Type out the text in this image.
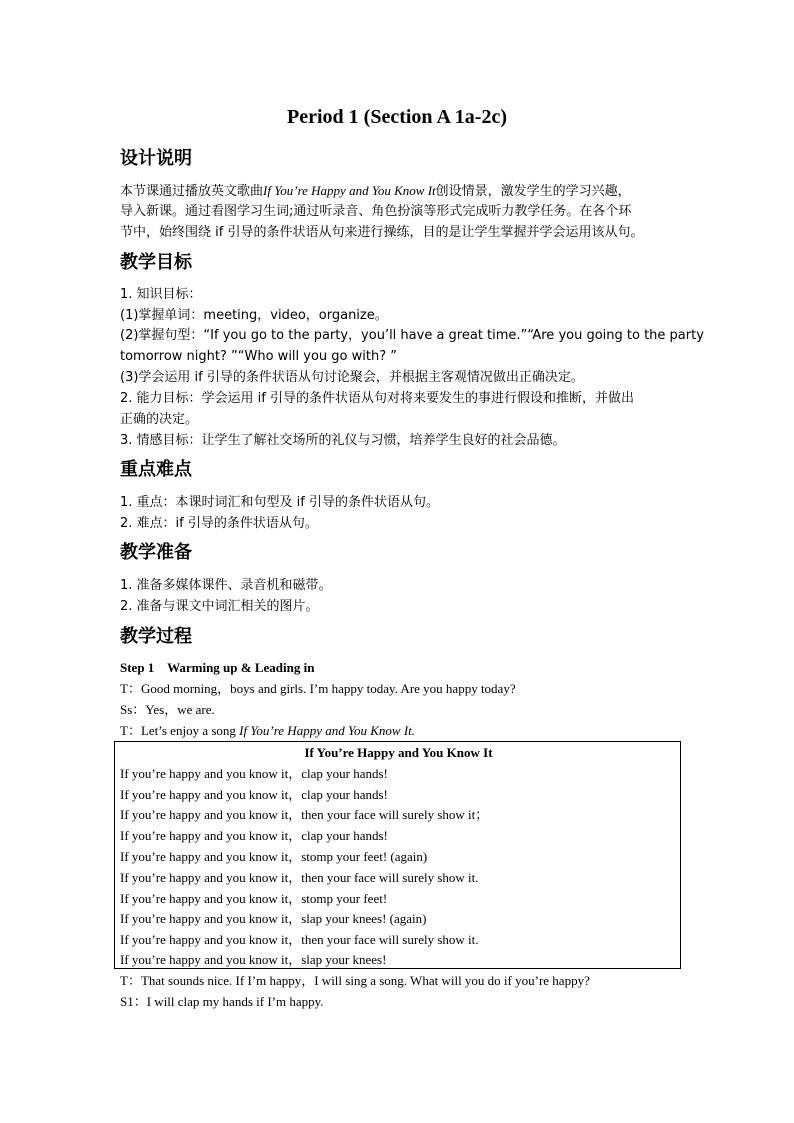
Period 1 (Section A 1a-2c)
设计说明
本节课通过播放英文歌曲If You’re Happy and You Know It创设情景，激发学生的学习兴趣，
导入新课。通过看图学习生词;通过听录音、角色扮演等形式完成听力教学任务。在各个环
节中，始终围绕 if 引导的条件状语从句来进行操练，目的是让学生掌握并学会运用该从句。
教学目标
1. 知识目标：
(1)掌握单词：meeting，video，organize。
(2)掌握句型：“If you go to the party，you’ll have a great time.”“Are you going to the party
tomorrow night? ”“Who will you go with? ”
(3)学会运用 if 引导的条件状语从句讨论聚会，并根据主客观情况做出正确决定。
2. 能力目标：学会运用 if 引导的条件状语从句对将来要发生的事进行假设和推断，并做出
正确的决定。
3. 情感目标：让学生了解社交场所的礼仪与习惯，培养学生良好的社会品德。
重点难点
1. 重点：本课时词汇和句型及 if 引导的条件状语从句。
2. 难点：if 引导的条件状语从句。
教学准备
1. 准备多媒体课件、录音机和磁带。
2. 准备与课文中词汇相关的图片。
教学过程
Step 1    Warming up & Leading in
T：Good morning，boys and girls. I’m happy today. Are you happy today?
Ss：Yes，we are.
T：Let’s enjoy a song If You’re Happy and You Know It.
If You’re Happy and You Know It
If you’re happy and you know it，clap your hands!
If you’re happy and you know it，clap your hands!
If you’re happy and you know it，then your face will surely show it；
If you’re happy and you know it，clap your hands!
If you’re happy and you know it，stomp your feet! (again)
If you’re happy and you know it，then your face will surely show it.
If you’re happy and you know it，stomp your feet!
If you’re happy and you know it，slap your knees! (again)
If you’re happy and you know it，then your face will surely show it.
If you’re happy and you know it，slap your knees!
T：That sounds nice. If I’m happy，I will sing a song. What will you do if you’re happy?
S1：I will clap my hands if I’m happy.
